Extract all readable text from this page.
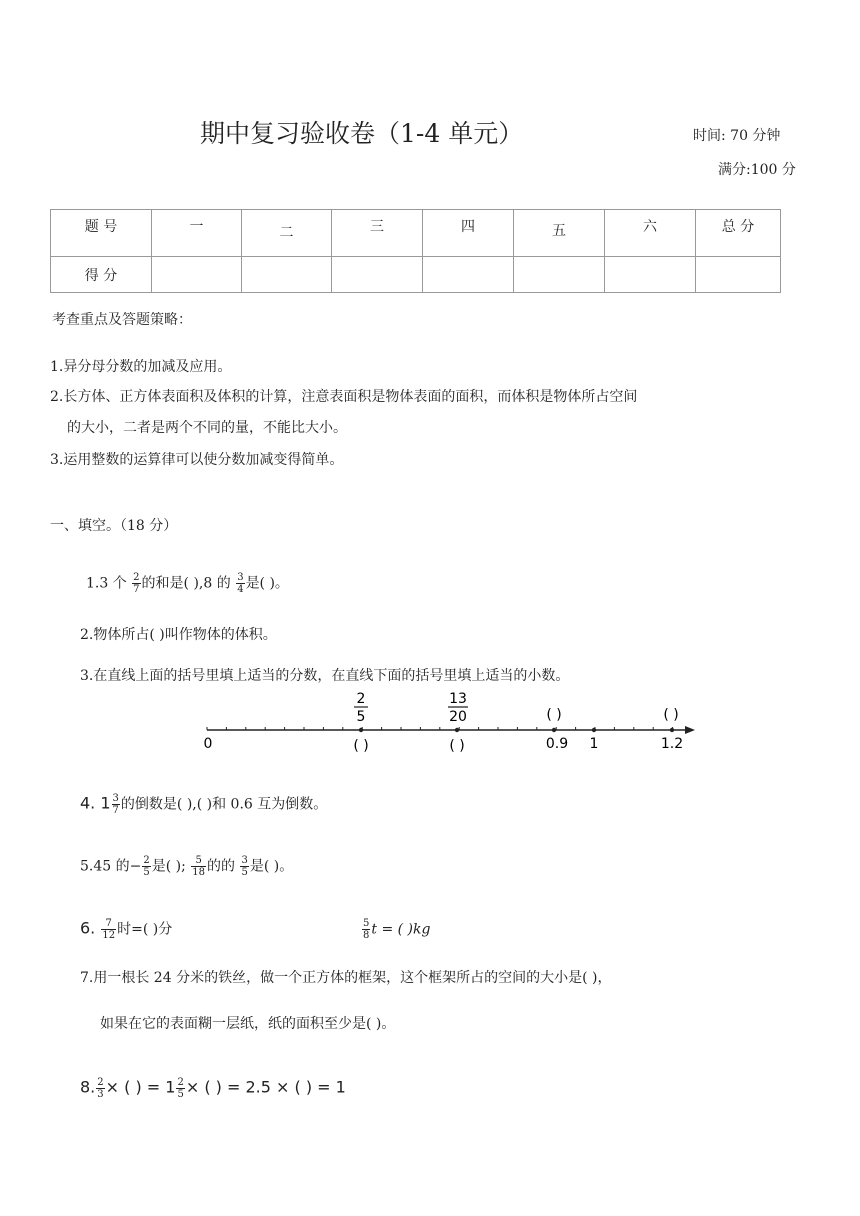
期中复习验收卷（1-4 单元）	时间: 70 分钟
满分:100 分
题 号	一	二	三	四	五	六	总 分
得 分							
考查重点及答题策略：
1.异分母分数的加减及应用。
2.长方体、正方体表面积及体积的计算，注意表面积是物体表面的面积，而体积是物体所占空间
的大小，二者是两个不同的量，不能比大小。
3.运用整数的运算律可以使分数加减变得简单。
一、填空。（18 分）
1.3 个 $\frac{2}{7}$ 的和是( ),8 的 $\frac{3}{4}$ 是( )。
2.物体所占( )叫作物体的体积。
3.在直线上面的括号里填上适当的分数，在直线下面的括号里填上适当的小数。
2
5
13
20	( )	( )
0	( )	( )	0.9 1	1.2
4. $1 \frac{3}{7}$ 的倒数是( ),( )和 0.6 互为倒数。
5.45 的− $\frac{2}{5}$ 是( ); $\frac{5}{18}$ 的的 $\frac{3}{5}$ 是( )。
6. $\frac{7}{12}$ 时=( )分	$\frac{5}{8}$ t = ( )kg
7.用一根长 24 分米的铁丝，做一个正方体的框架，这个框架所占的空间的大小是( )，
如果在它的表面糊一层纸，纸的面积至少是( )。
8. $\frac{2}{3}$ × ( ) = $1 \frac{2}{5}$ × ( ) = 2.5 × ( ) = 1
